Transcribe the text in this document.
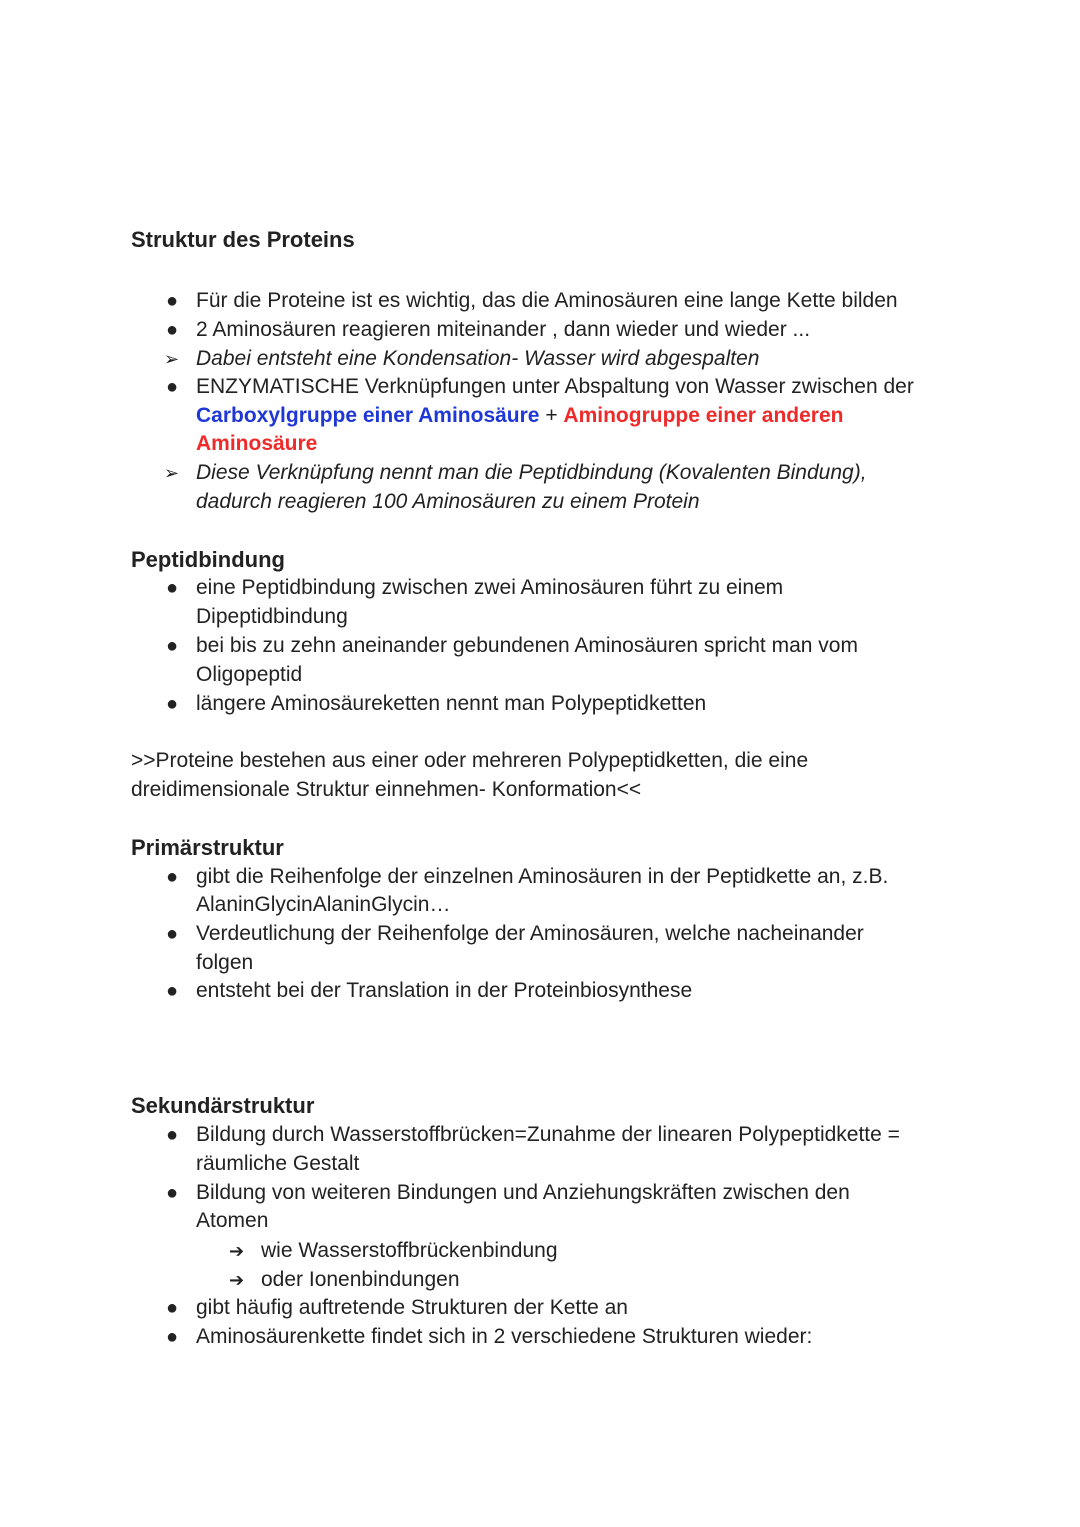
Struktur des Proteins
● Für die Proteine ist es wichtig, das die Aminosäuren eine lange Kette bilden
● 2 Aminosäuren reagieren miteinander , dann wieder und wieder ...
➢ Dabei entsteht eine Kondensation- Wasser wird abgespalten
● ENZYMATISCHE Verknüpfungen unter Abspaltung von Wasser zwischen der
Carboxylgruppe einer Aminosäure + Aminogruppe einer anderen
Aminosäure
➢ Diese Verknüpfung nennt man die Peptidbindung (Kovalenten Bindung),
dadurch reagieren 100 Aminosäuren zu einem Protein
Peptidbindung
● eine Peptidbindung zwischen zwei Aminosäuren führt zu einem
Dipeptidbindung
● bei bis zu zehn aneinander gebundenen Aminosäuren spricht man vom
Oligopeptid
● längere Aminosäureketten nennt man Polypeptidketten
>>Proteine bestehen aus einer oder mehreren Polypeptidketten, die eine
dreidimensionale Struktur einnehmen- Konformation<<
Primärstruktur
● gibt die Reihenfolge der einzelnen Aminosäuren in der Peptidkette an, z.B.
AlaninGlycinAlaninGlycin…
● Verdeutlichung der Reihenfolge der Aminosäuren, welche nacheinander
folgen
● entsteht bei der Translation in der Proteinbiosynthese
Sekundärstruktur
● Bildung durch Wasserstoffbrücken=Zunahme der linearen Polypeptidkette =
räumliche Gestalt
● Bildung von weiteren Bindungen und Anziehungskräften zwischen den
Atomen
➔ wie Wasserstoffbrückenbindung
➔ oder Ionenbindungen
● gibt häufig auftretende Strukturen der Kette an
● Aminosäurenkette findet sich in 2 verschiedene Strukturen wieder:
